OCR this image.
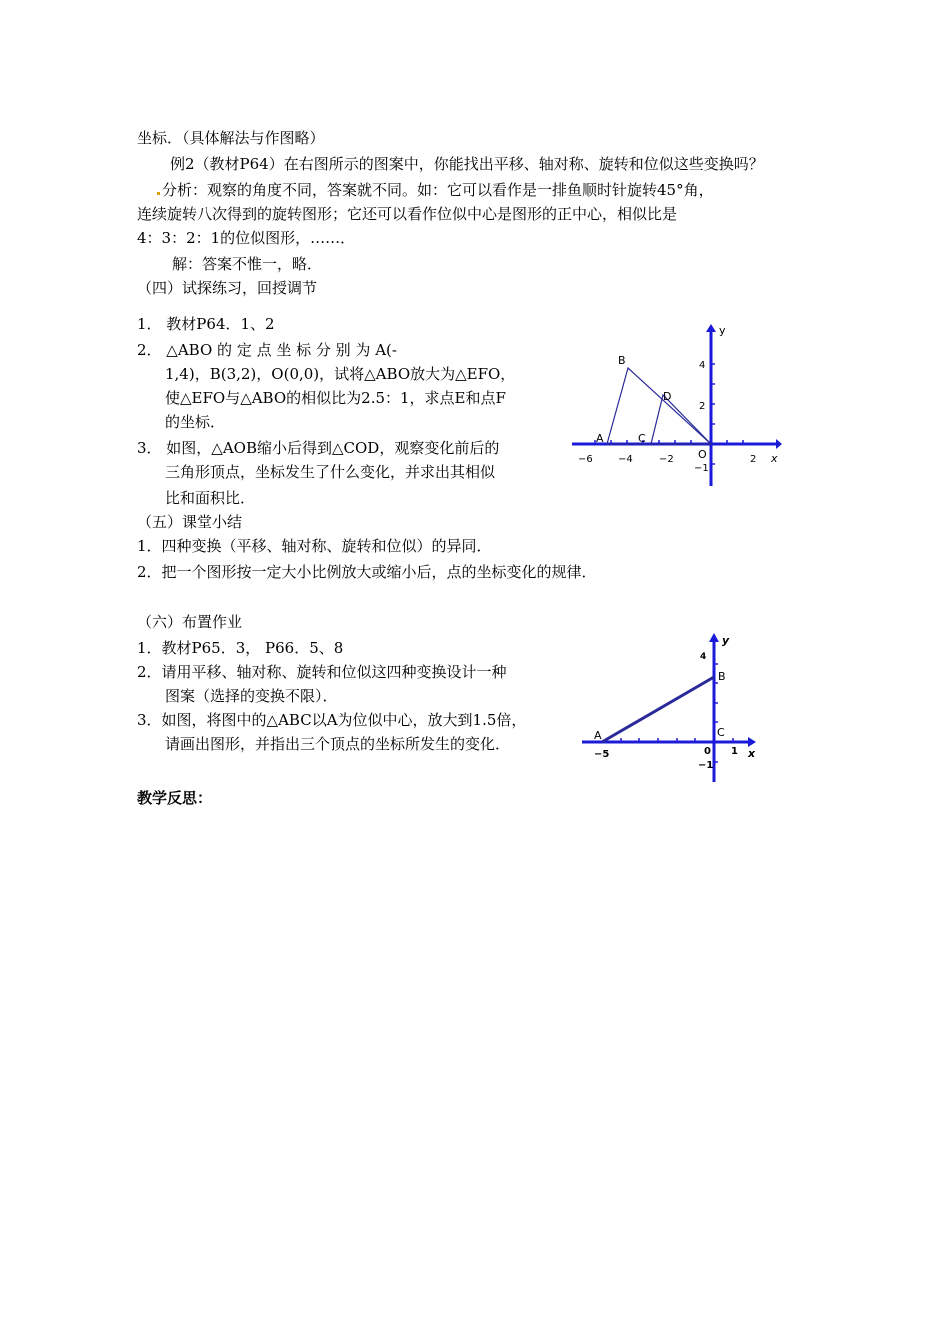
坐标．（具体解法与作图略）
例2（教材P64）在右图所示的图案中，你能找出平移、轴对称、旋转和位似这些变换吗？
分析：观察的角度不同，答案就不同。如：它可以看作是一排鱼顺时针旋转45°角，
连续旋转八次得到的旋转图形；它还可以看作位似中心是图形的正中心，相似比是
4：3：2：1的位似图形，……．
解：答案不惟一，略．
（四）试探练习，回授调节
1． 教材P64．1、2
2． △ABO 的 定 点 坐 标 分 别 为 A(-
1,4)，B(3,2)，O(0,0)，试将△ABO放大为△EFO，
使△EFO与△ABO的相似比为2.5：1，求点E和点F
的坐标．
3． 如图，△AOB缩小后得到△COD，观察变化前后的
三角形顶点，坐标发生了什么变化，并求出其相似
比和面积比．
（五）课堂小结
1．四种变换（平移、轴对称、旋转和位似）的异同．
2．把一个图形按一定大小比例放大或缩小后，点的坐标变化的规律．
（六）布置作业
1．教材P65．3， P66．5、8
2．请用平移、轴对称、旋转和位似这四种变换设计一种
图案（选择的变换不限）．
3．如图，将图中的△ABC以A为位似中心，放大到1.5倍，
请画出图形，并指出三个顶点的坐标所发生的变化．
教学反思：
B
D
A	C
O	x
y
−6	−4	−2	2
4
2
−1
B
C
A
x
y
0
−5	1
4
−1
